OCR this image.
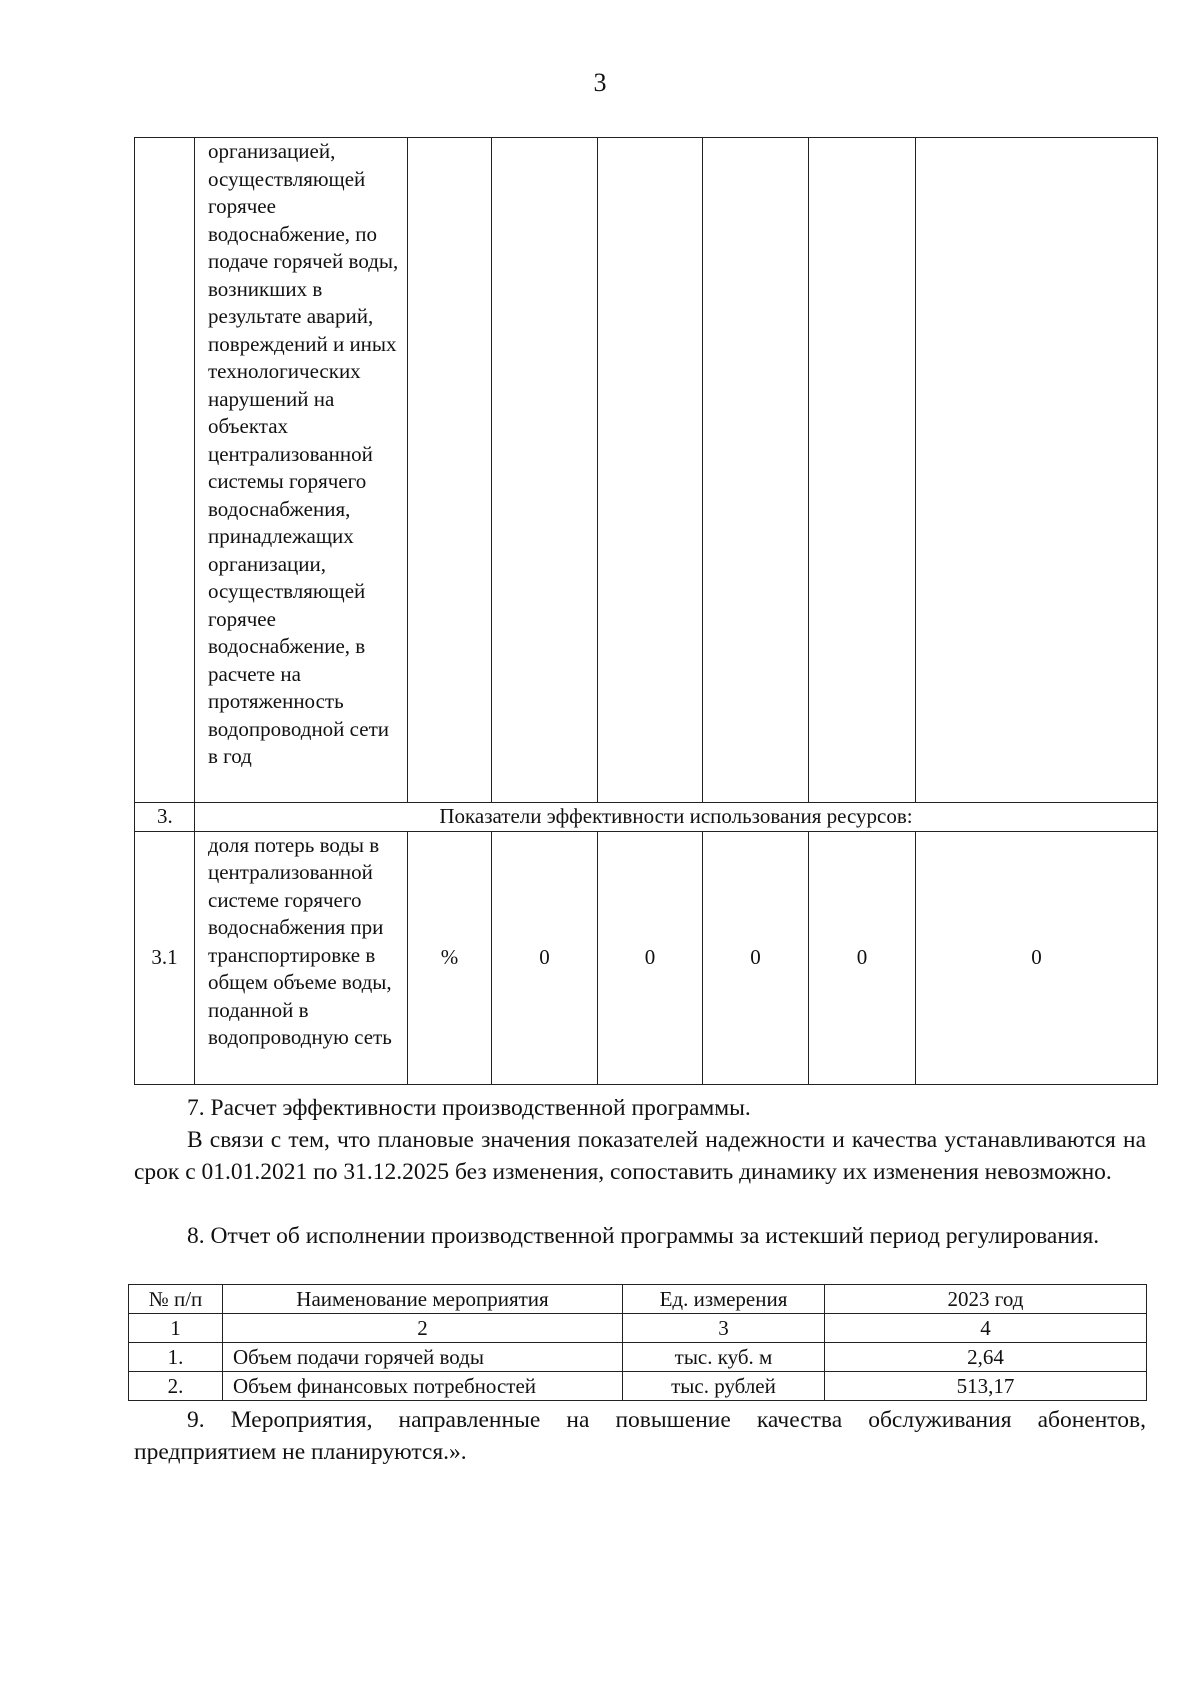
3
	организацией, осуществляющей горячее водоснабжение, по подаче горячей воды, возникших в результате аварий, повреждений и иных технологических нарушений на объектах централизованной системы горячего водоснабжения, принадлежащих организации, осуществляющей горячее водоснабжение, в расчете на протяженность водопроводной сети в год						
3.	Показатели эффективности использования ресурсов:						
3.1	доля потерь воды в централизованной системе горячего водоснабжения при транспортировке в общем объеме воды, поданной в водопроводную сеть	%	0	0	0	0	0
7. Расчет эффективности производственной программы.
В связи с тем, что плановые значения показателей надежности и качества устанавливаются на срок с 01.01.2021 по 31.12.2025 без изменения, сопоставить динамику их изменения невозможно.
8. Отчет об исполнении производственной программы за истекший период регулирования.
№ п/п	Наименование мероприятия	Ед. измерения	2023 год
1	2	3	4
1.	Объем подачи горячей воды	тыс. куб. м	2,64
2.	Объем финансовых потребностей	тыс. рублей	513,17
9. Мероприятия, направленные на повышение качества обслуживания абонентов, предприятием не планируются.».
